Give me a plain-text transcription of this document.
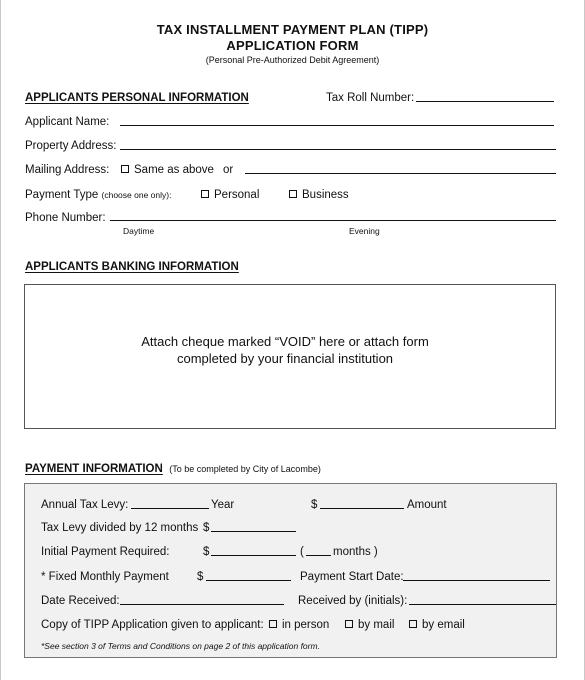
TAX INSTALLMENT PAYMENT PLAN (TIPP)
APPLICATION FORM
(Personal Pre-Authorized Debit Agreement)
APPLICANTS PERSONAL INFORMATION	Tax Roll Number:
Applicant Name:
Property Address:
Mailing Address:	Same as above or
Payment Type (choose one only):	Personal	Business
Phone Number:
Daytime	Evening
APPLICANTS BANKING INFORMATION
Attach cheque marked “VOID” here or attach form
completed by your financial institution
PAYMENT INFORMATION (To be completed by City of Lacombe)
Annual Tax Levy:	Year	$	Amount
Tax Levy divided by 12 months $
Initial Payment Required:	$	(	months )
* Fixed Monthly Payment $	Payment Start Date:
Date Received:	Received by (initials):
Copy of TIPP Application given to applicant:	in person	by mail	by email
*See section 3 of Terms and Conditions on page 2 of this application form.
